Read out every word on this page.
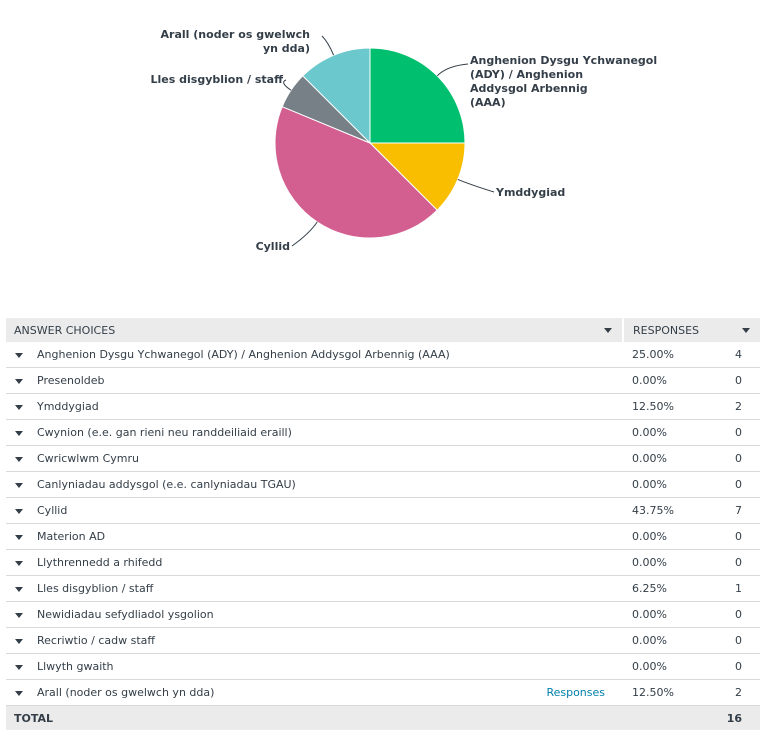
Anghenion Dysgu Ychwanegol (ADY) / Anghenion Addysgol Arbennig (AAA)
Ymddygiad
Cyllid
Lles disgyblion / staff
Arall (noder os gwelwch yn dda)
ANSWER CHOICES		RESPONSES	

Anghenion Dysgu Ychwanegol (ADY) / Anghenion Addysgol Arbennig (AAA)		25.00%	4

Presenoldeb		0.00%	0

Ymddygiad		12.50%	2

Cwynion (e.e. gan rieni neu randdeiliaid eraill)		0.00%	0

Cwricwlwm Cymru		0.00%	0

Canlyniadau addysgol (e.e. canlyniadau TGAU)		0.00%	0

Cyllid		43.75%	7

Materion AD		0.00%	0

Llythrennedd a rhifedd		0.00%	0

Lles disgyblion / staff		6.25%	1

Newidiadau sefydliadol ysgolion		0.00%	0

Recriwtio / cadw staff		0.00%	0

Llwyth gwaith		0.00%	0

Arall (noder os gwelwch yn dda)	Responses	12.50%	2
TOTAL			16
